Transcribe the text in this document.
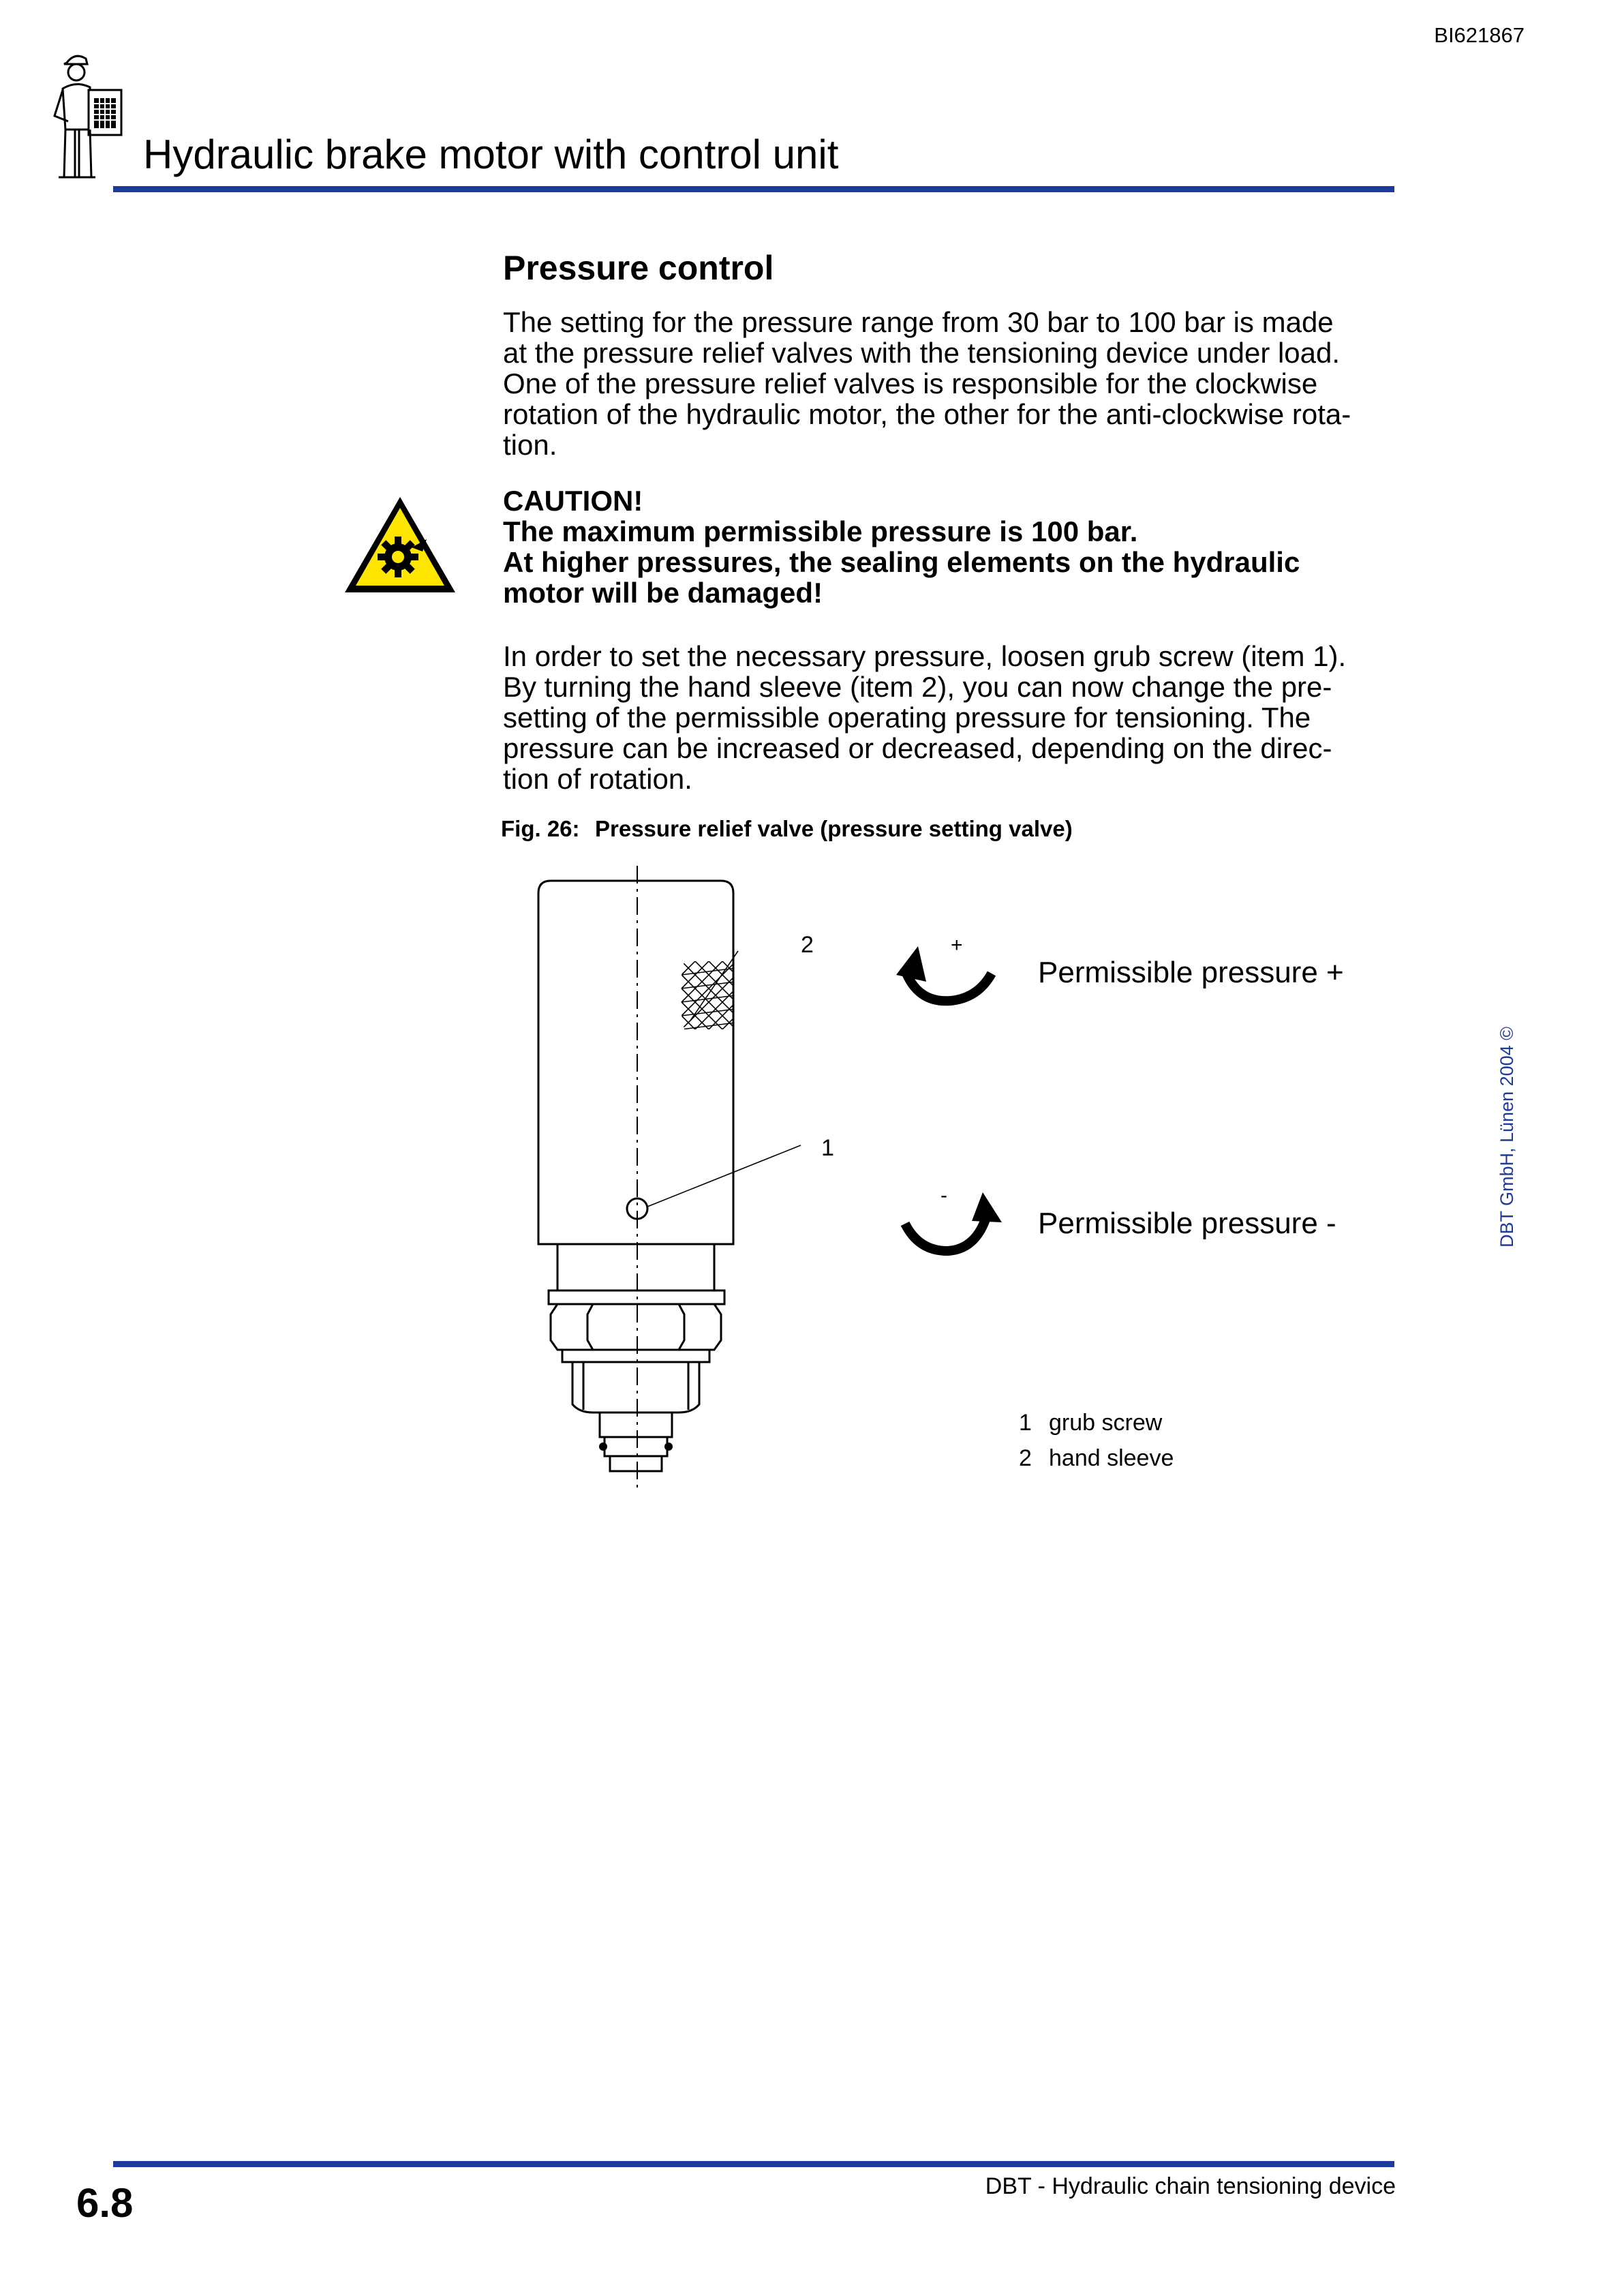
BI621867
Hydraulic brake motor with control unit
Pressure control
The setting for the pressure range from 30 bar to 100 bar is made
at the pressure relief valves with the tensioning device under load.
One of the pressure relief valves is responsible for the clockwise
rotation of the hydraulic motor, the other for the anti-clockwise rota-
tion.
CAUTION!
The maximum permissible pressure is 100 bar.
At higher pressures, the sealing elements on the hydraulic
motor will be damaged!
In order to set the necessary pressure, loosen grub screw (item 1).
By turning the hand sleeve (item 2), you can now change the pre-
setting of the permissible operating pressure for tensioning. The
pressure can be increased or decreased, depending on the direc-
tion of rotation.
Fig. 26: Pressure relief valve (pressure setting valve)
2
1
+
-
Permissible pressure +
Permissible pressure -
1 grub screw
2 hand sleeve
DBT GmbH, Lünen 2004 ©
6.8	DBT - Hydraulic chain tensioning device
